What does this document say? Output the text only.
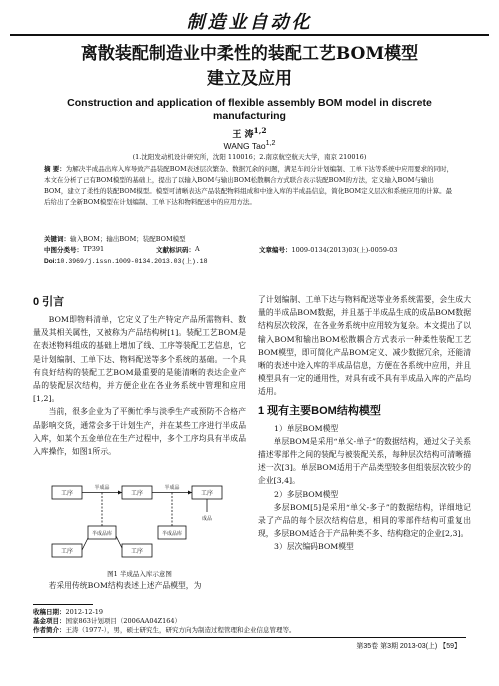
制造业自动化
离散装配制造业中柔性的装配工艺BOM模型
建立及应用
Construction and application of flexible assembly BOM model in discrete manufacturing
王 涛$^{1,2}$
WANG Tao$^{1,2}$
(1.沈阳发动机设计研究所，沈阳 110016；2.南京航空航天大学，南京 210016)
摘 要：为解决半成品出库入库导致产品装配BOM表述层次繁杂、数据冗余的问题，满足车间分计划编制、工单下达等系统中应用要求的同时，本文在分析了已有BOM模型的基础上，提出了以输入BOM与输出BOM松散耦合方式联合表示装配BOM的方法，定义输入BOM与输出BOM，建立了柔性的装配BOM模型。模型可清晰表达产品装配物料组成和中途入库的半成品信息，简化BOM定义层次和系统应用的计算。最后给出了全新BOM模型在计划编制、工单下达和物料配送中的应用方法。
关键词：输入BOM；输出BOM；装配BOM模型
中图分类号： TP391	文献标识码： A	文章编号： 1009-0134(2013)03(上)-0059-03
Doi:10.3969/j.issn.1009-0134.2013.03(上).18
0 引言
BOM即物料清单，它定义了生产特定产品所需物料、数量及其相关属性，又被称为产品结构树[1]。装配工艺BOM是在表述物料组成的基础上增加了线、工序等装配工艺信息，它是计划编制、工单下达、物料配送等多个系统的基础。一个具有良好结构的装配工艺BOM最重要的是能清晰的表达企业产品的装配层次结构，并方便企业在各业务系统中管理和应用[1,2]。
当前，很多企业为了平衡忙季与淡季生产或预防不合格产品影响交货，通常会多于计划生产，并在某些工序进行半成品入库，如某个五金单位在生产过程中，多个工序均具有半成品入库操作，如图1所示。
工序	工序	工序
半成品	半成品
成品
半成品库	半成品库
工序	工序
图1 半成品入库示意图
若采用传统BOM结构表述上述产品模型，为
了计划编制、工单下达与物料配送等业务系统需要，会生成大量的半成品BOM数据，并且基于半成品生成的成品BOM数据结构层次较深，在各业务系统中应用较为复杂。本文提出了以输入BOM和输出BOM松散耦合方式表示一种柔性装配工艺BOM模型，即可简化产品BOM定义、减少数据冗余，还能清晰的表述中途入库的半成品信息，方便在各系统中应用，并且模型具有一定的通用性，对具有或不具有半成品入库的产品均适用。
1 现有主要BOM结构模型
1）单层BOM模型
单层BOM是采用“单父-单子”的数据结构，通过父子关系描述零部件之间的装配与被装配关系，每种层次结构可清晰描述一次[3]。单层BOM适用于产品类型较多但组装层次较少的企业[3,4]。
2）多层BOM模型
多层BOM[5]是采用“单父-多子”的数据结构，详细地记录了产品的每个层次结构信息，相同的零部件结构可重复出现，多层BOM适合于产品种类不多、结构稳定的企业[2,3]。
3）层次编码BOM模型
收稿日期：2012-12-19
基金项目：国家863计划项目（2006AA04Z164）
作者简介：王涛（1977-），男，硕士研究生，研究方向为制造过程管理和企业信息管理等。
第35卷 第3期 2013-03(上) 【59】
